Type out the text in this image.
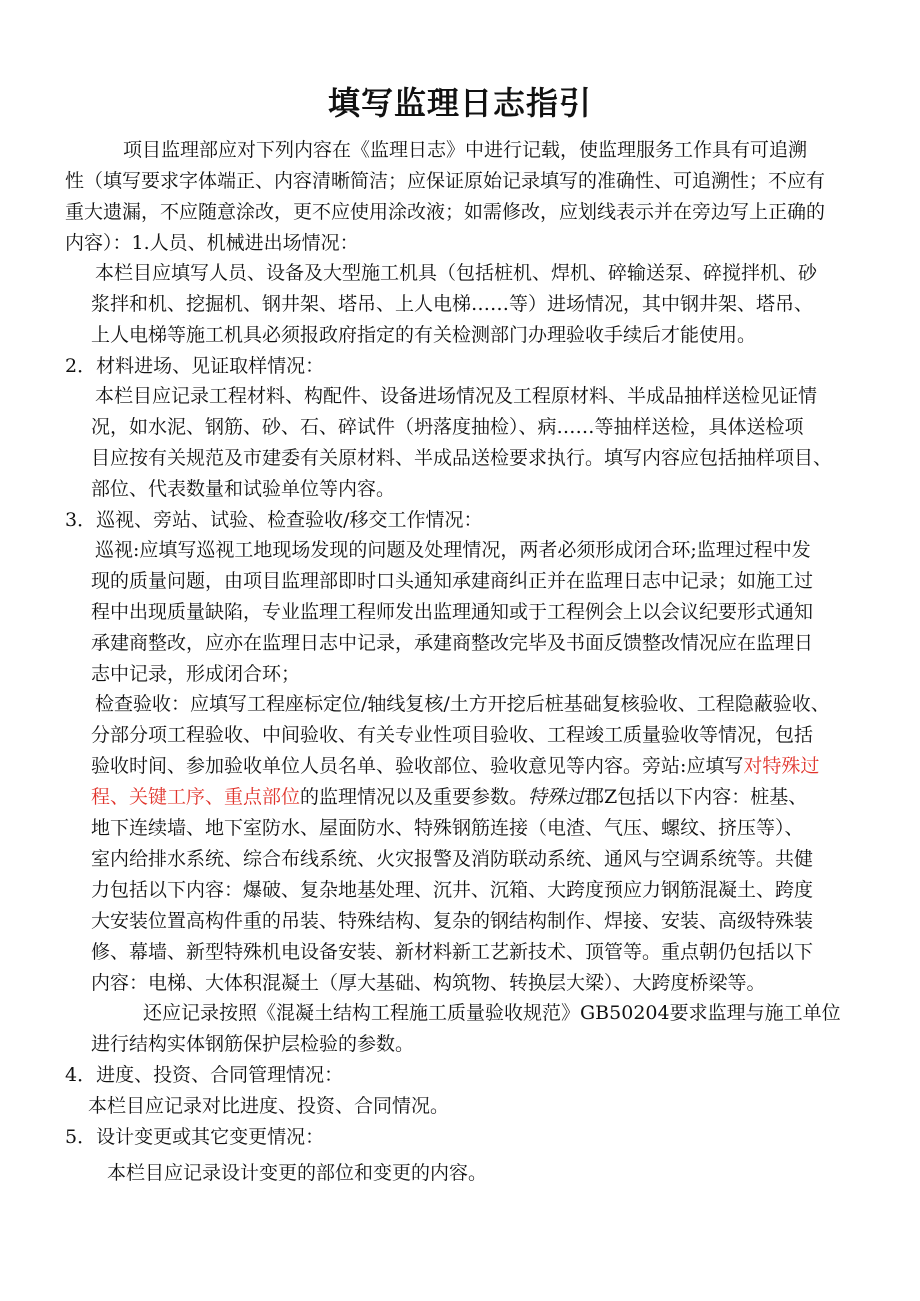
填写监理日志指引
项目监理部应对下列内容在《监理日志》中进行记载，使监理服务工作具有可追溯
性（填写要求字体端正、内容清晰简洁；应保证原始记录填写的准确性、可追溯性；不应有
重大遗漏，不应随意涂改，更不应使用涂改液；如需修改，应划线表示并在旁边写上正确的
内容）：1.人员、机械进出场情况：
本栏目应填写人员、设备及大型施工机具（包括桩机、焊机、碎输送泵、碎搅拌机、砂
浆拌和机、挖掘机、钢井架、塔吊、上人电梯……等）进场情况，其中钢井架、塔吊、
上人电梯等施工机具必须报政府指定的有关检测部门办理验收手续后才能使用。
2．材料进场、见证取样情况：
本栏目应记录工程材料、构配件、设备进场情况及工程原材料、半成品抽样送检见证情
况，如水泥、钢筋、砂、石、碎试件（坍落度抽检）、病……等抽样送检，具体送检项
目应按有关规范及市建委有关原材料、半成品送检要求执行。填写内容应包括抽样项目、
部位、代表数量和试验单位等内容。
3．巡视、旁站、试验、检查验收/移交工作情况：
巡视:应填写巡视工地现场发现的问题及处理情况，两者必须形成闭合环;监理过程中发
现的质量问题，由项目监理部即时口头通知承建商纠正并在监理日志中记录；如施工过
程中出现质量缺陷，专业监理工程师发出监理通知或于工程例会上以会议纪要形式通知
承建商整改，应亦在监理日志中记录，承建商整改完毕及书面反馈整改情况应在监理日
志中记录，形成闭合环；
检查验收：应填写工程座标定位/轴线复核/土方开挖后桩基础复核验收、工程隐蔽验收、
分部分项工程验收、中间验收、有关专业性项目验收、工程竣工质量验收等情况，包括
验收时间、参加验收单位人员名单、验收部位、验收意见等内容。旁站:应填写对特殊过
程、关键工序、重点部位的监理情况以及重要参数。特殊过郡Z包括以下内容：桩基、
地下连续墙、地下室防水、屋面防水、特殊钢筋连接（电渣、气压、螺纹、挤压等）、
室内给排水系统、综合布线系统、火灾报警及消防联动系统、通风与空调系统等。共健
力包括以下内容：爆破、复杂地基处理、沉井、沉箱、大跨度预应力钢筋混凝土、跨度
大安装位置高构件重的吊装、特殊结构、复杂的钢结构制作、焊接、安装、高级特殊装
修、幕墙、新型特殊机电设备安装、新材料新工艺新技术、顶管等。重点朝仍包括以下
内容：电梯、大体积混凝土（厚大基础、构筑物、转换层大梁）、大跨度桥梁等。
还应记录按照《混凝土结构工程施工质量验收规范》GB50204要求监理与施工单位
进行结构实体钢筋保护层检验的参数。
4．进度、投资、合同管理情况：
本栏目应记录对比进度、投资、合同情况。
5．设计变更或其它变更情况：
本栏目应记录设计变更的部位和变更的内容。
